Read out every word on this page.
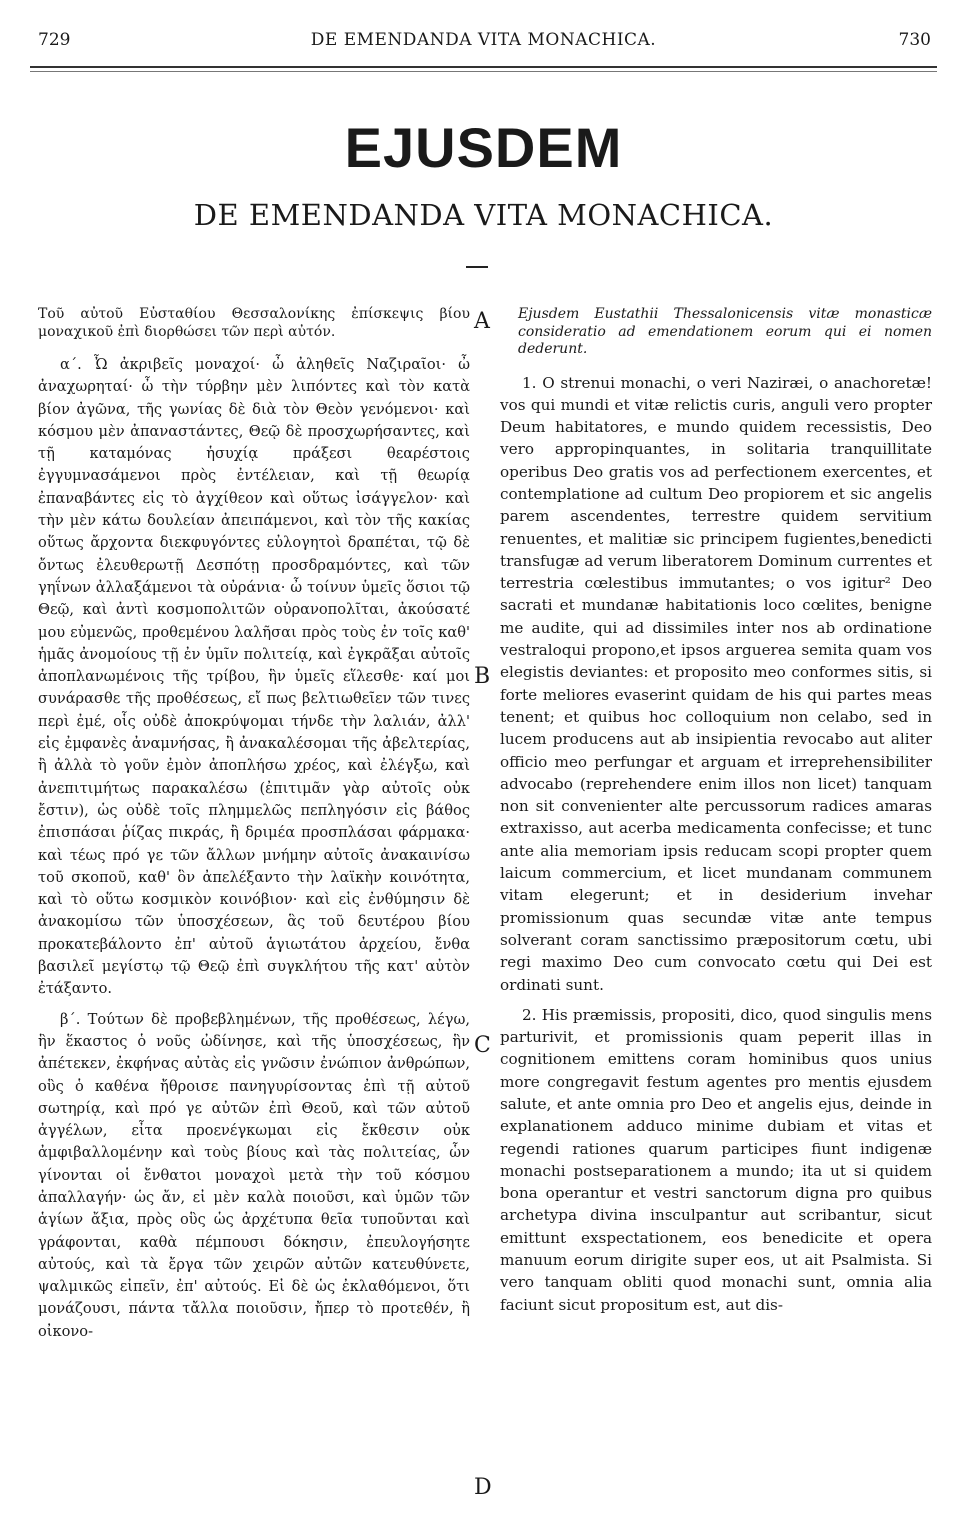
729	DE EMENDANDA VITA MONACHICA.	730
EJUSDEM
DE EMENDANDA VITA MONACHICA.

Τοῦ αὐτοῦ Εὐσταθίου Θεσσαλονίκης ἐπίσκεψις βίου μοναχικοῦ ἐπὶ διορθώσει τῶν περὶ αὐτόν.

α΄. Ὦ ἀκριβεῖς μοναχοί· ὦ ἀληθεῖς Ναζιραῖοι· ὦ ἀναχωρηταί· ὦ τὴν τύρβην μὲν λιπόντες καὶ τὸν κατὰ βίον ἀγῶνα, τῆς γωνίας δὲ διὰ τὸν Θεὸν γενόμενοι· καὶ κόσμου μὲν ἀπαναστάντες, Θεῷ δὲ προσχωρήσαντες, καὶ τῇ καταμόνας ἡσυχίᾳ πράξεσι θεαρέστοις ἐγγυμνασάμενοι πρὸς ἐντέλειαν, καὶ τῇ θεωρίᾳ ἐπαναβάντες εἰς τὸ ἀγχίθεον καὶ οὕτως ἰσάγγελον· καὶ τὴν μὲν κάτω δουλείαν ἀπειπάμενοι, καὶ τὸν τῆς κακίας οὕτως ἄρχοντα διεκφυγόντες εὐλογητοὶ δραπέται, τῷ δὲ ὄντως ἐλευθερωτῇ Δεσπότῃ προσδραμόντες, καὶ τῶν γηΐνων ἀλλαξάμενοι τὰ οὐράνια· ὦ τοίνυν ὑμεῖς ὅσιοι τῷ Θεῷ, καὶ ἀντὶ κοσμοπολιτῶν οὐρανοπολῖται, ἀκούσατέ μου εὐμενῶς, προθεμένου λαλῆσαι πρὸς τοὺς ἐν τοῖς καθ' ἡμᾶς ἀνομοίους τῇ ἐν ὑμῖν πολιτείᾳ, καὶ ἐγκρᾶξαι αὐτοῖς ἀποπλανωμένοις τῆς τρίβου, ἣν ὑμεῖς εἵλεσθε· καί μοι συνάρασθε τῆς προθέσεως, εἴ πως βελτιωθεῖεν τῶν τινες περὶ ἐμέ, οἷς οὐδὲ ἀποκρύψομαι τήνδε τὴν λαλιάν, ἀλλ' εἰς ἐμφανὲς ἀναμνήσας, ἢ ἀνακαλέσομαι τῆς ἀβελτερίας, ἢ ἀλλὰ τὸ γοῦν ἐμὸν ἀποπλήσω χρέος, καὶ ἐλέγξω, καὶ ἀνεπιτιμήτως παρακαλέσω (ἐπιτιμᾶν γὰρ αὐτοῖς οὐκ ἔστιν), ὡς οὐδὲ τοῖς πλημμελῶς πεπληγόσιν εἰς βάθος ἐπισπάσαι ῥίζας πικράς, ἢ δριμέα προσπλάσαι φάρμακα· καὶ τέως πρό γε τῶν ἄλλων μνήμην αὐτοῖς ἀνακαινίσω τοῦ σκοποῦ, καθ' ὃν ἀπελέξαντο τὴν λαϊκὴν κοινότητα, καὶ τὸ οὕτω κοσμικὸν κοινόβιον· καὶ εἰς ἐνθύμησιν δὲ ἀνακομίσω τῶν ὑποσχέσεων, ἃς τοῦ δευτέρου βίου προκατεβάλοντο ἐπ' αὐτοῦ ἁγιωτάτου ἀρχείου, ἔνθα βασιλεῖ μεγίστῳ τῷ Θεῷ ἐπὶ συγκλήτου τῆς κατ' αὐτὸν ἐτάξαντο.

β΄. Τούτων δὲ προβεβλημένων, τῆς προθέσεως, λέγω, ἣν ἕκαστος ὁ νοῦς ὠδίνησε, καὶ τῆς ὑποσχέσεως, ἣν ἀπέτεκεν, ἐκφήνας αὐτὰς εἰς γνῶσιν ἐνώπιον ἀνθρώπων, οὓς ὁ καθένα ἤθροισε πανηγυρίσοντας ἐπὶ τῇ αὐτοῦ σωτηρίᾳ, καὶ πρό γε αὐτῶν ἐπὶ Θεοῦ, καὶ τῶν αὐτοῦ ἀγγέλων, εἶτα προενέγκωμαι εἰς ἔκθεσιν οὐκ ἀμφιβαλλομένην καὶ τοὺς βίους καὶ τὰς πολιτείας, ὧν γίνονται οἱ ἔνθατοι μοναχοὶ μετὰ τὴν τοῦ κόσμου ἀπαλλαγήν· ὡς ἄν, εἰ μὲν καλὰ ποιοῦσι, καὶ ὑμῶν τῶν ἁγίων ἄξια, πρὸς οὓς ὡς ἀρχέτυπα θεῖα τυποῦνται καὶ γράφονται, καθὰ πέμπουσι δόκησιν, ἐπευλογήσητε αὐτούς, καὶ τὰ ἔργα τῶν χειρῶν αὐτῶν κατευθύνετε, ψαλμικῶς εἰπεῖν, ἐπ' αὐτούς. Εἰ δὲ ὡς ἐκλαθόμενοι, ὅτι μονάζουσι, πάντα τἄλλα ποιοῦσιν, ἤπερ τὸ προτεθέν, ἢ οἰκονο-

Ejusdem Eustathii Thessalonicensis vitæ monasticæ consideratio ad emendationem eorum qui ei nomen dederunt.

1. O strenui monachi, o veri Naziræi, o anachoretæ! vos qui mundi et vitæ relictis curis, anguli vero propter Deum habitatores, e mundo quidem recessistis, Deo vero appropinquantes, in solitaria tranquillitate operibus Deo gratis vos ad perfectionem exercentes, et contemplatione ad cultum Deo propiorem et sic angelis parem ascendentes, terrestre quidem servitium renuentes, et malitiæ sic principem fugientes,benedicti transfugæ ad verum liberatorem Dominum currentes et terrestria cœlestibus immutantes; o vos igitur² Deo sacrati et mundanæ habitationis loco cœlites, benigne me audite, qui ad dissimiles inter nos ab ordinatione vestraloqui propono,et ipsos arguerea semita quam vos elegistis deviantes: et proposito meo conformes sitis, si forte meliores evaserint quidam de his qui partes meas tenent; et quibus hoc colloquium non celabo, sed in lucem producens aut ab insipientia revocabo aut aliter officio meo perfungar et arguam et irreprehensibiliter advocabo (reprehendere enim illos non licet) tanquam non sit convenienter alte percussorum radices amaras extraxisso, aut acerba medicamenta confecisse; et tunc ante alia memoriam ipsis reducam scopi propter quem laicum commercium, et licet mundanam communem vitam elegerunt; et in desiderium invehar promissionum quas secundæ vitæ ante tempus solverant coram sanctissimo præpositorum cœtu, ubi regi maximo Deo cum convocato cœtu qui Dei est ordinati sunt.

2. His præmissis, propositi, dico, quod singulis mens parturivit, et promissionis quam peperit illas in cognitionem emittens coram hominibus quos unius more congregavit festum agentes pro mentis ejusdem salute, et ante omnia pro Deo et angelis ejus, deinde in explanationem adduco minime dubiam et vitas et regendi rationes quarum participes fiunt indigenæ monachi postseparationem a mundo; ita ut si quidem bona operantur et vestri sanctorum digna pro quibus archetypa divina insculpantur aut scribantur, sicut emittunt exspectationem, eos benedicite et opera manuum eorum dirigite super eos, ut ait Psalmista. Si vero tanquam obliti quod monachi sunt, omnia alia faciunt sicut propositum est, aut dis-

A
B
C
D
